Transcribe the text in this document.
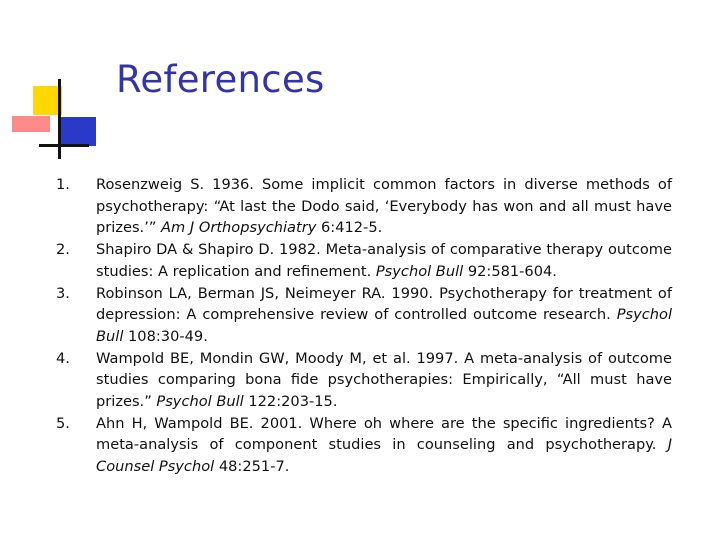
References
1. Rosenzweig S. 1936. Some implicit common factors in diverse methods of psychotherapy: “At last the Dodo said, ‘Everybody has won and all must have prizes.’” Am J Orthopsychiatry 6:412-5.
2. Shapiro DA & Shapiro D. 1982. Meta-analysis of comparative therapy outcome studies: A replication and refinement. Psychol Bull 92:581-604.
3. Robinson LA, Berman JS, Neimeyer RA. 1990. Psychotherapy for treatment of depression: A comprehensive review of controlled outcome research. Psychol Bull 108:30-49.
4. Wampold BE, Mondin GW, Moody M, et al. 1997. A meta-analysis of outcome studies comparing bona fide psychotherapies: Empirically, “All must have prizes.” Psychol Bull 122:203-15.
5. Ahn H, Wampold BE. 2001. Where oh where are the specific ingredients? A meta-analysis of component studies in counseling and psychotherapy. J Counsel Psychol 48:251-7.
